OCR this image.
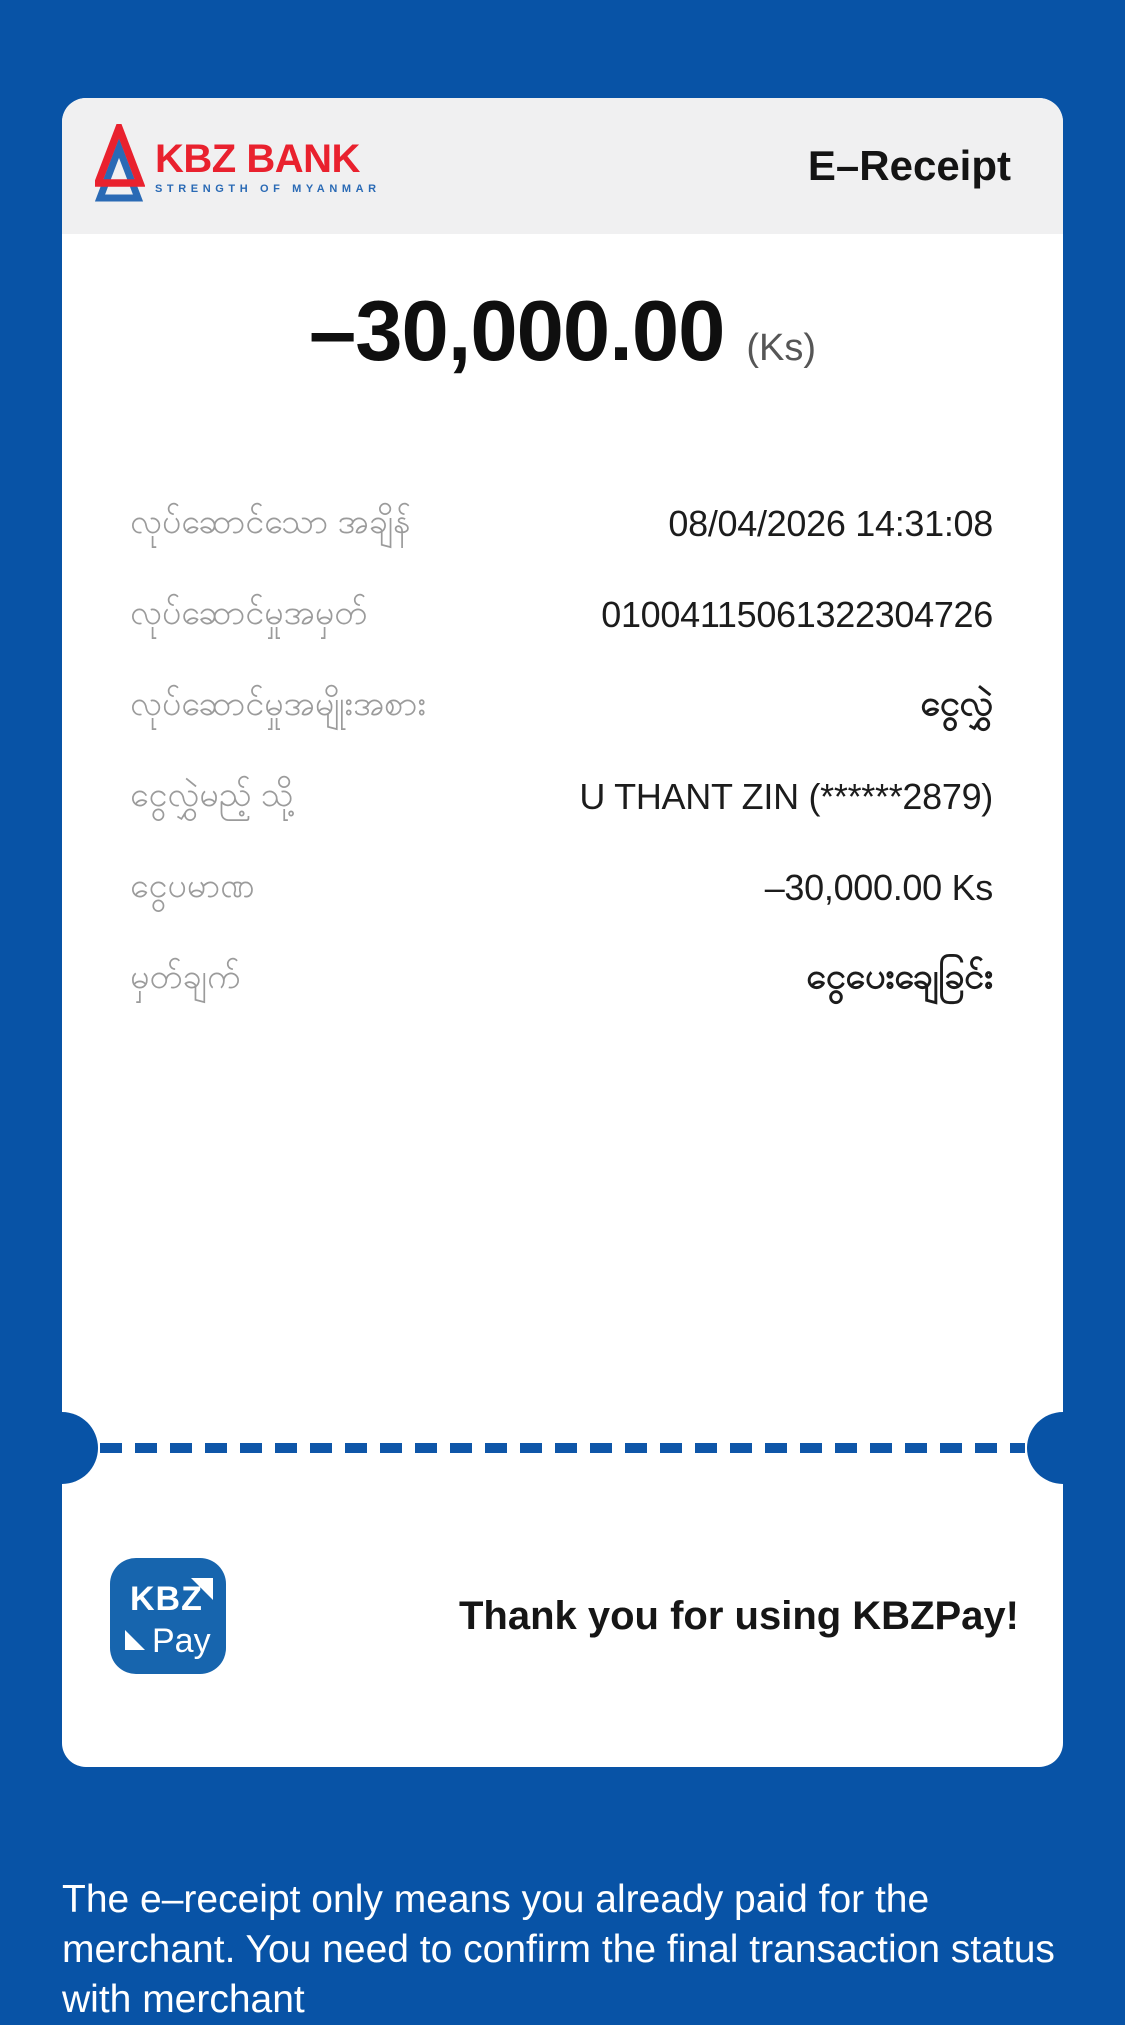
KBZ BANK
STRENGTH OF MYANMAR	E–Receipt
–30,000.00 (Ks)
လုပ်ဆောင်သော အချိန်	08/04/2026 14:31:08
လုပ်ဆောင်မှုအမှတ်	01004115061322304726
လုပ်ဆောင်မှုအမျိုးအစား	ငွေလွှဲ
ငွေလွှဲမည့် သို့	U THANT ZIN (******2879)
ငွေပမာဏ	–30,000.00 Ks
မှတ်ချက်	ငွေပေးချေခြင်း
KBZ
Pay
Thank you for using KBZPay!

The e–receipt only means you already paid for the merchant. You need to confirm the final transaction status with merchant
